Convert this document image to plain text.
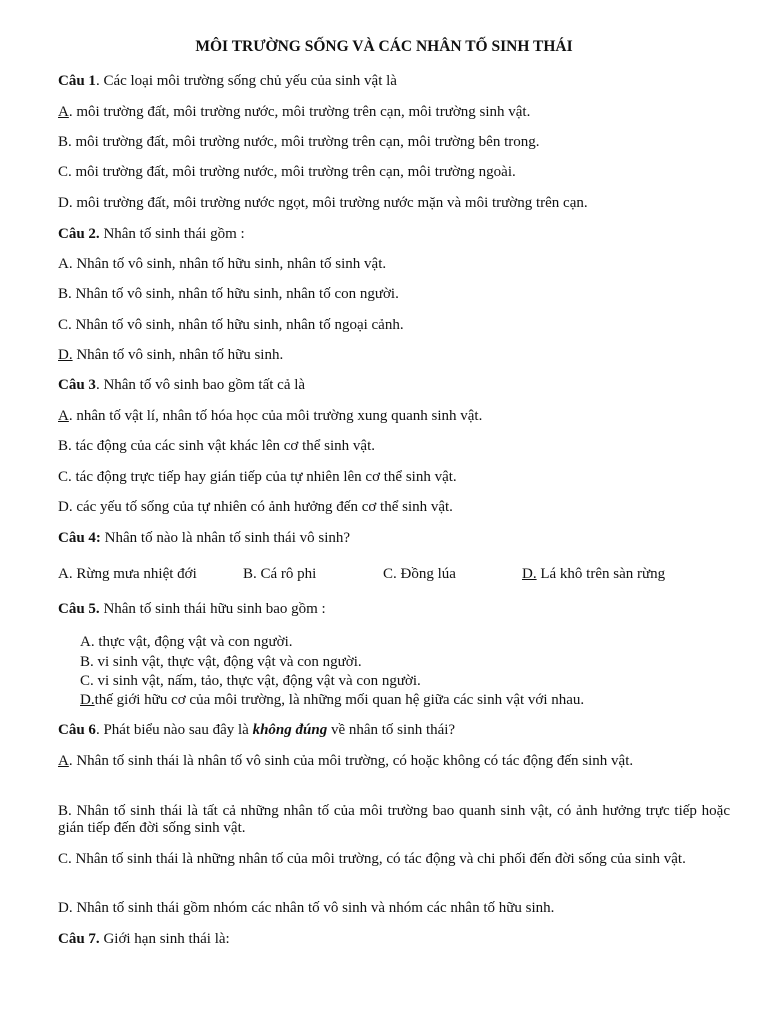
MÔI TRƯỜNG SỐNG VÀ CÁC NHÂN TỐ SINH THÁI
Câu 1. Các loại môi trường sống chủ yếu của sinh vật là
A. môi trường đất, môi trường nước, môi trường trên cạn, môi trường sinh vật.
B. môi trường đất, môi trường nước, môi trường trên cạn, môi trường bên trong.
C. môi trường đất, môi trường nước, môi trường trên cạn, môi trường ngoài.
D. môi trường đất, môi trường nước ngọt, môi trường nước mặn và môi trường trên cạn.
Câu 2. Nhân tố sinh thái gồm :
A. Nhân tố vô sinh, nhân tố hữu sinh, nhân tố sinh vật.
B. Nhân tố vô sinh, nhân tố hữu sinh, nhân tố con người.
C. Nhân tố vô sinh, nhân tố hữu sinh, nhân tố ngoại cảnh.
D. Nhân tố vô sinh, nhân tố hữu sinh.
Câu 3. Nhân tố vô sinh bao gồm tất cả là
A. nhân tố vật lí, nhân tố hóa học của môi trường xung quanh sinh vật.
B. tác động của các sinh vật khác lên cơ thể sinh vật.
C. tác động trực tiếp hay gián tiếp của tự nhiên lên cơ thể sinh vật.
D. các yếu tố sống của tự nhiên có ảnh hưởng đến cơ thể sinh vật.
Câu 4: Nhân tố nào là nhân tố sinh thái vô sinh?
A. Rừng mưa nhiệt đới	B. Cá rô phi	C. Đồng lúa	D. Lá khô trên sàn rừng
Câu 5. Nhân tố sinh thái hữu sinh bao gồm :
A. thực vật, động vật và con người.
B. vi sinh vật, thực vật, động vật và con người.
C. vi sinh vật, nấm, tảo, thực vật, động vật và con người.
D.thế giới hữu cơ của môi trường, là những mối quan hệ giữa các sinh vật với nhau.
Câu 6. Phát biểu nào sau đây là không đúng về nhân tố sinh thái?
A. Nhân tố sinh thái là nhân tố vô sinh của môi trường, có hoặc không có tác động đến sinh vật.
B. Nhân tố sinh thái là tất cả những nhân tố của môi trường bao quanh sinh vật, có ảnh hưởng trực tiếp hoặc gián tiếp đến đời sống sinh vật.
C. Nhân tố sinh thái là những nhân tố của môi trường, có tác động và chi phối đến đời sống của sinh vật.
D. Nhân tố sinh thái gồm nhóm các nhân tố vô sinh và nhóm các nhân tố hữu sinh.
Câu 7. Giới hạn sinh thái là:
